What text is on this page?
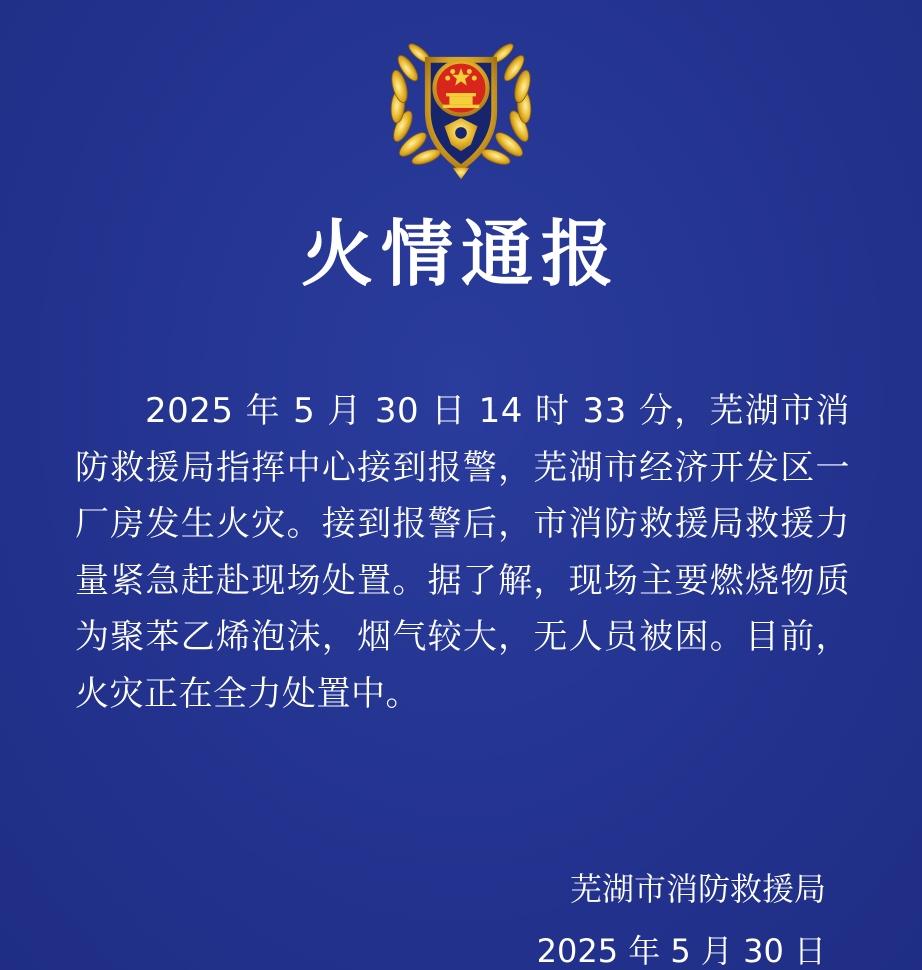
火情通报
2025 年 5 月 30 日 14 时 33 分，芜湖市消防救援局指挥中心接到报警，芜湖市经济开发区一厂房发生火灾。接到报警后，市消防救援局救援力量紧急赶赴现场处置。据了解，现场主要燃烧物质为聚苯乙烯泡沫，烟气较大，无人员被困。目前，火灾正在全力处置中。
芜湖市消防救援局
2025 年 5 月 30 日
